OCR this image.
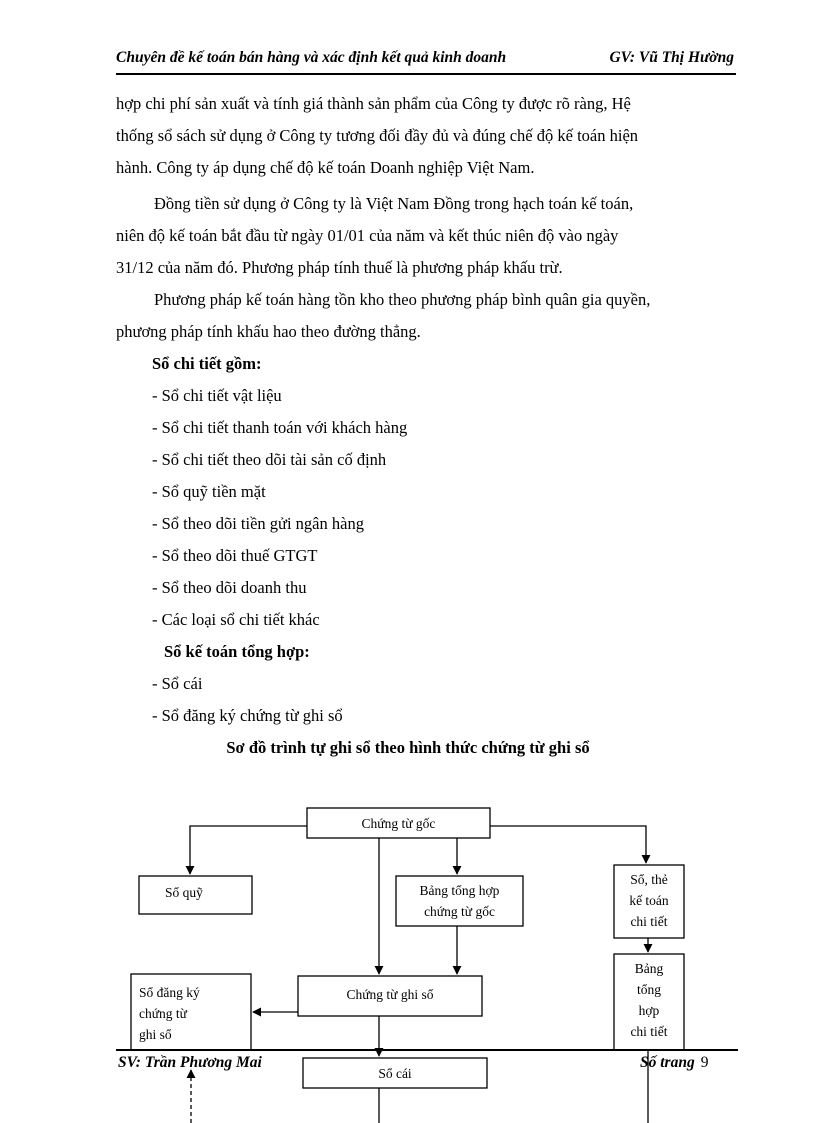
Chuyên đề kế toán bán hàng và xác định kết quả kinh doanh	GV: Vũ Thị Hường
hợp chi phí sản xuất và tính giá thành sản phẩm của Công ty được rõ ràng, Hệ
thống sổ sách sử dụng ở Công ty tương đối đầy đủ và đúng chế độ kế toán hiện
hành. Công ty áp dụng chế độ kế toán Doanh nghiệp Việt Nam.
Đồng tiền sử dụng ở Công ty là Việt Nam Đồng trong hạch toán kế toán,
niên độ kế toán bắt đầu từ ngày 01/01 của năm và kết thúc niên độ vào ngày
31/12 của năm đó. Phương pháp tính thuế là phương pháp khấu trừ.
Phương pháp kế toán hàng tồn kho theo phương pháp bình quân gia quyền,
phương pháp tính khấu hao theo đường thẳng.
Sổ chi tiết gồm:
- Sổ chi tiết vật liệu
- Sổ chi tiết thanh toán với khách hàng
- Sổ chi tiết theo dõi tài sản cố định
- Sổ quỹ tiền mặt
- Sổ theo dõi tiền gửi ngân hàng
- Sổ theo dõi thuế GTGT
- Sổ theo dõi doanh thu
- Các loại sổ chi tiết khác
Sổ kế toán tổng hợp:
- Sổ cái
- Sổ đăng ký chứng từ ghi sổ
Sơ đồ trình tự ghi sổ theo hình thức chứng từ ghi sổ
Chứng từ gốc
Sổ quỹ	Bảng tổng hợp
chứng từ gốc
Sổ, thẻ
kế toán
chi tiết
Chứng từ ghi sổ
Sổ đăng ký
chứng từ
ghi sổ
Bảng
tổng
hợp
chi tiết
Sổ cái
SV: Trần Phương Mai	Số trang 9
